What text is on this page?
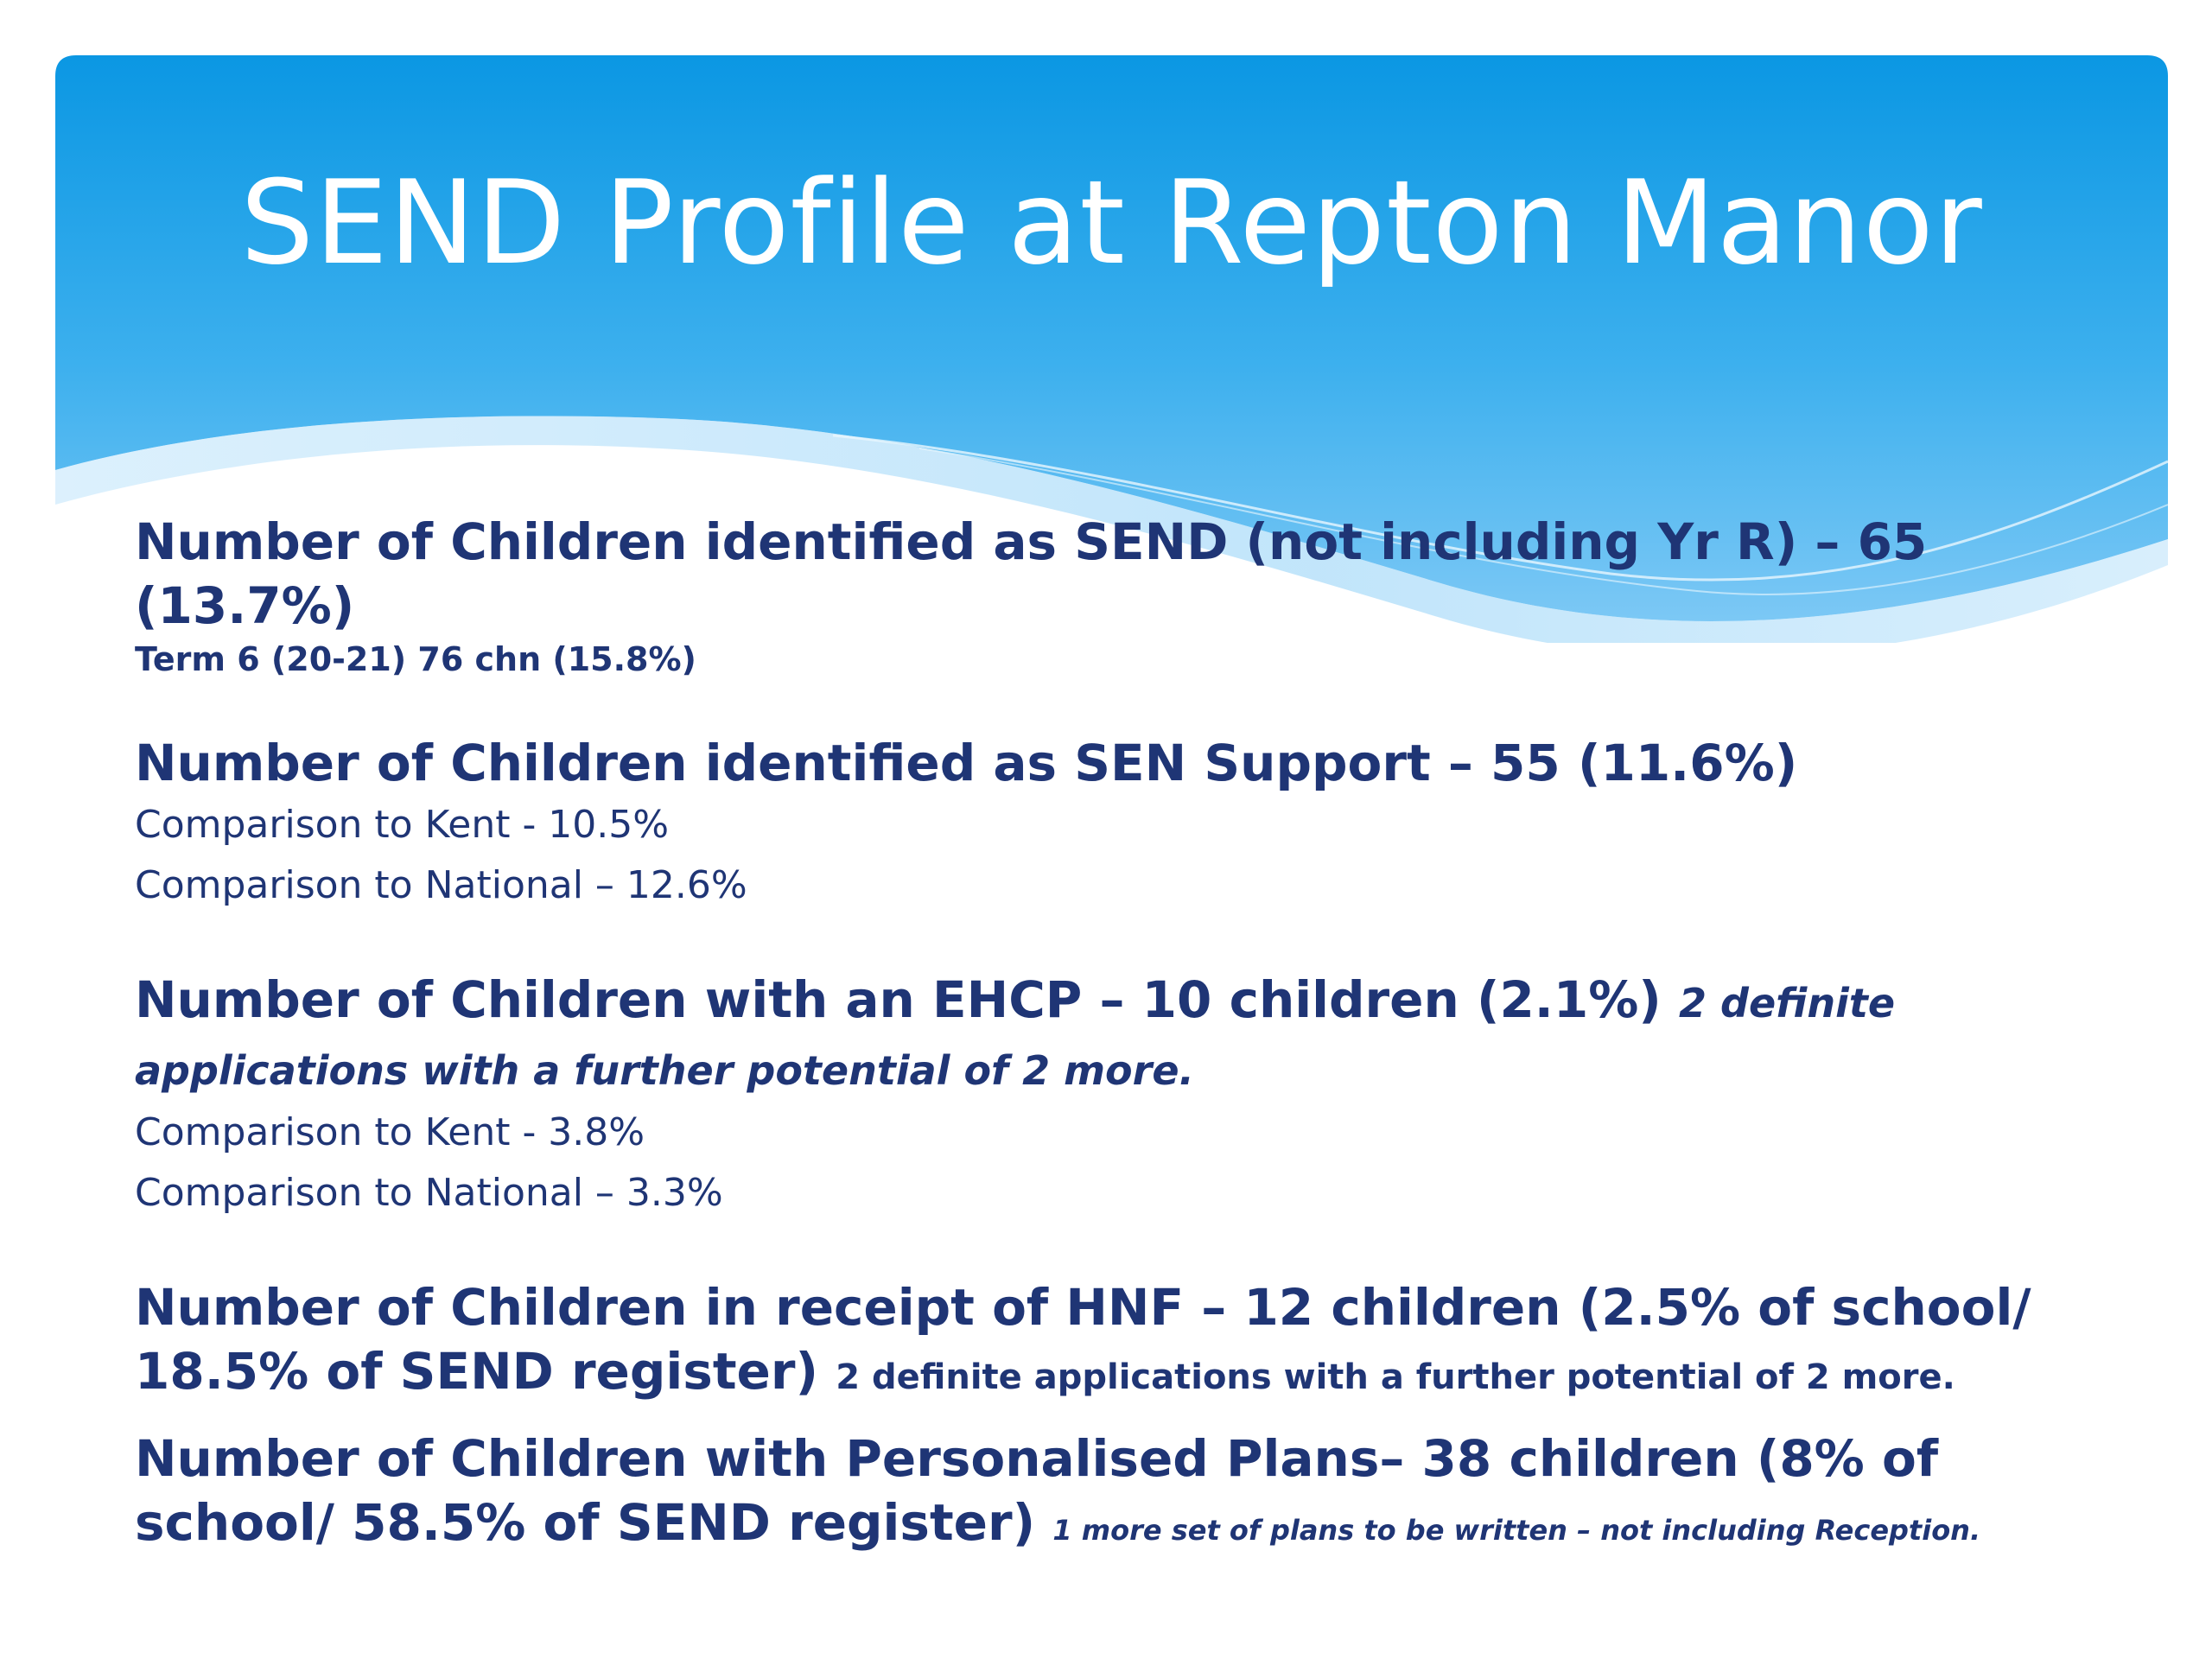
SEND Profile at Repton Manor
Number of Children identified as SEND (not including Yr R) – 65 (13.7%)
Term 6 (20-21) 76 chn (15.8%)
Number of Children identified as SEN Support – 55 (11.6%)
Comparison to Kent - 10.5%
Comparison to National – 12.6%
Number of Children with an EHCP – 10 children (2.1%) 2 definite applications with a further potential of 2 more.
Comparison to Kent - 3.8%
Comparison to National – 3.3%
Number of Children in receipt of HNF – 12 children (2.5% of school/ 18.5% of SEND register) 2 definite applications with a further potential of 2 more.
Number of Children with Personalised Plans– 38 children (8% of school/ 58.5% of SEND register) 1 more set of plans to be written – not including Reception.
